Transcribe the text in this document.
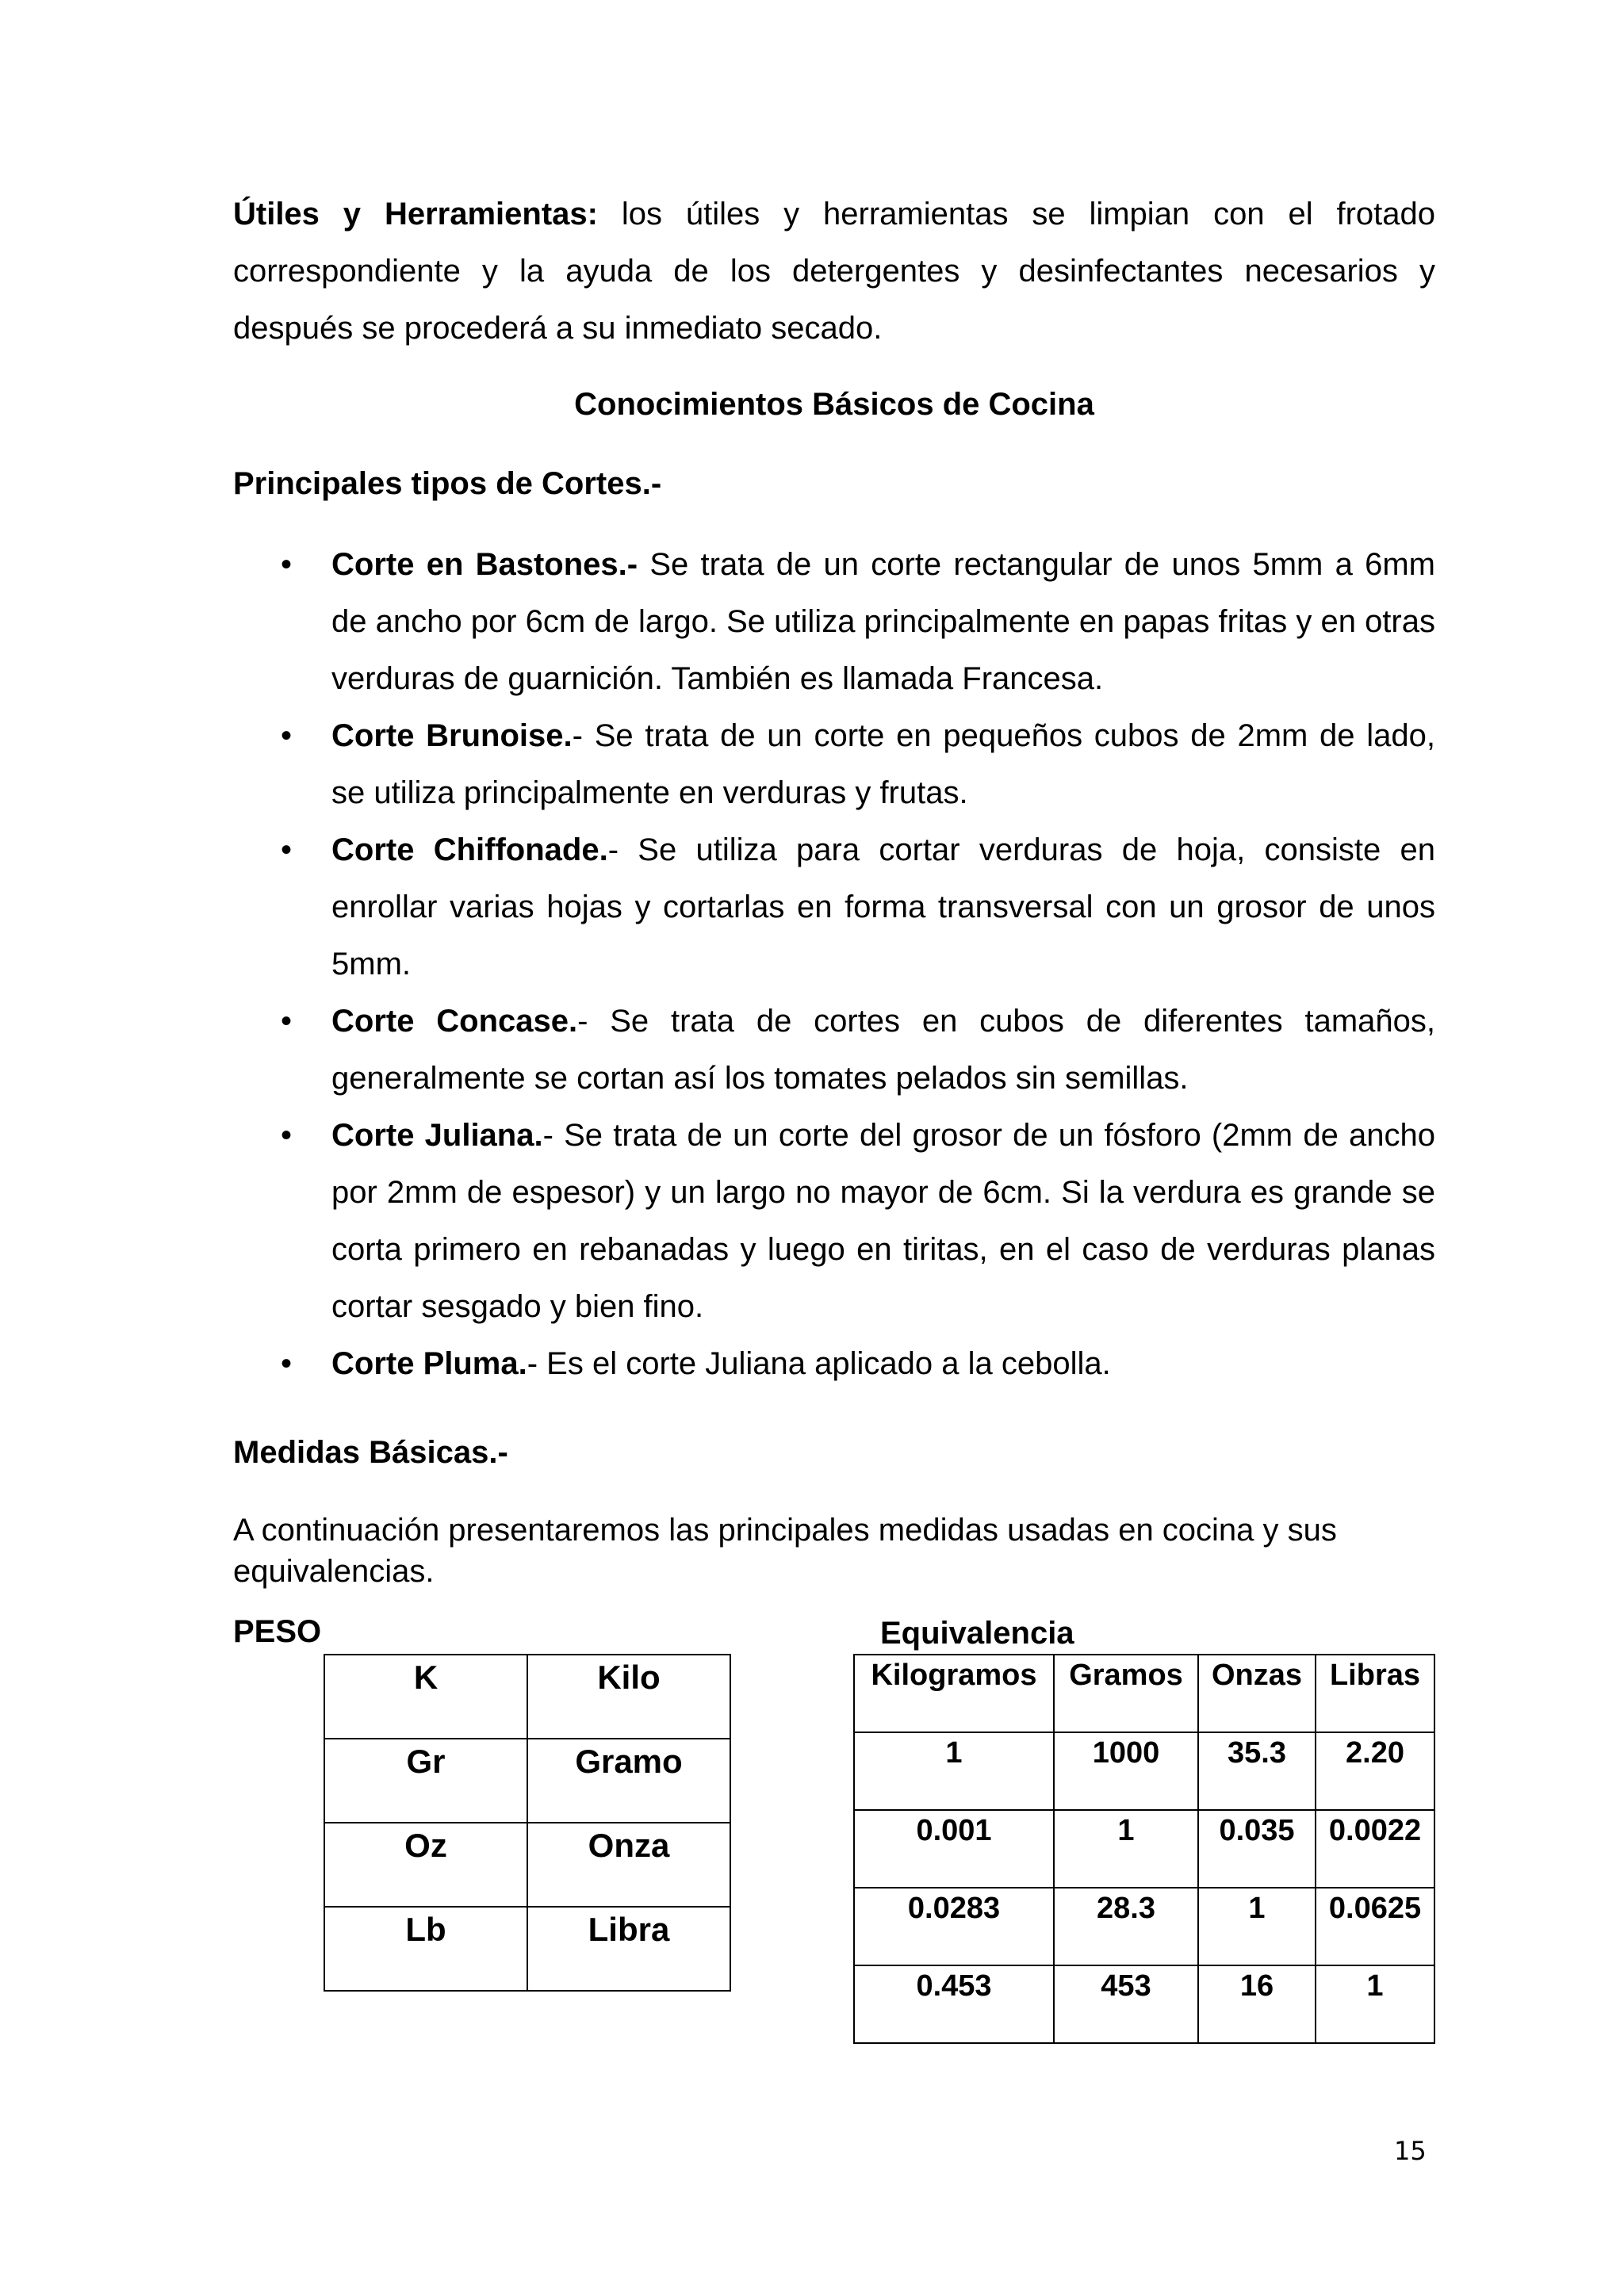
Útiles y Herramientas: los útiles y herramientas se limpian con el frotado correspondiente y la ayuda de los detergentes y desinfectantes necesarios y después se procederá a su inmediato secado.

Conocimientos Básicos de Cocina
Principales tipos de Cortes.-
• Corte en Bastones.- Se trata de un corte rectangular de unos 5mm a 6mm de ancho por 6cm de largo. Se utiliza principalmente en papas fritas y en otras verduras de guarnición. También es llamada Francesa.
• Corte Brunoise.- Se trata de un corte en pequeños cubos de 2mm de lado, se utiliza principalmente en verduras y frutas.
• Corte Chiffonade.- Se utiliza para cortar verduras de hoja, consiste en enrollar varias hojas y cortarlas en forma transversal con un grosor de unos 5mm.
• Corte Concase.- Se trata de cortes en cubos de diferentes tamaños, generalmente se cortan así los tomates pelados sin semillas.
• Corte Juliana.- Se trata de un corte del grosor de un fósforo (2mm de ancho por 2mm de espesor) y un largo no mayor de 6cm. Si la verdura es grande se corta primero en rebanadas y luego en tiritas, en el caso de verduras planas cortar sesgado y bien fino.
• Corte Pluma.- Es el corte Juliana aplicado a la cebolla.
Medidas Básicas.-

A continuación presentaremos las principales medidas usadas en cocina y sus equivalencias.

PESO	Equivalencia
K	Kilo
Gr	Gramo
Oz	Onza
Lb	Libra
Kilogramos	Gramos	Onzas	Libras
1	1000	35.3	2.20
0.001	1	0.035	0.0022
0.0283	28.3	1	0.0625
0.453	453	16	1
15
